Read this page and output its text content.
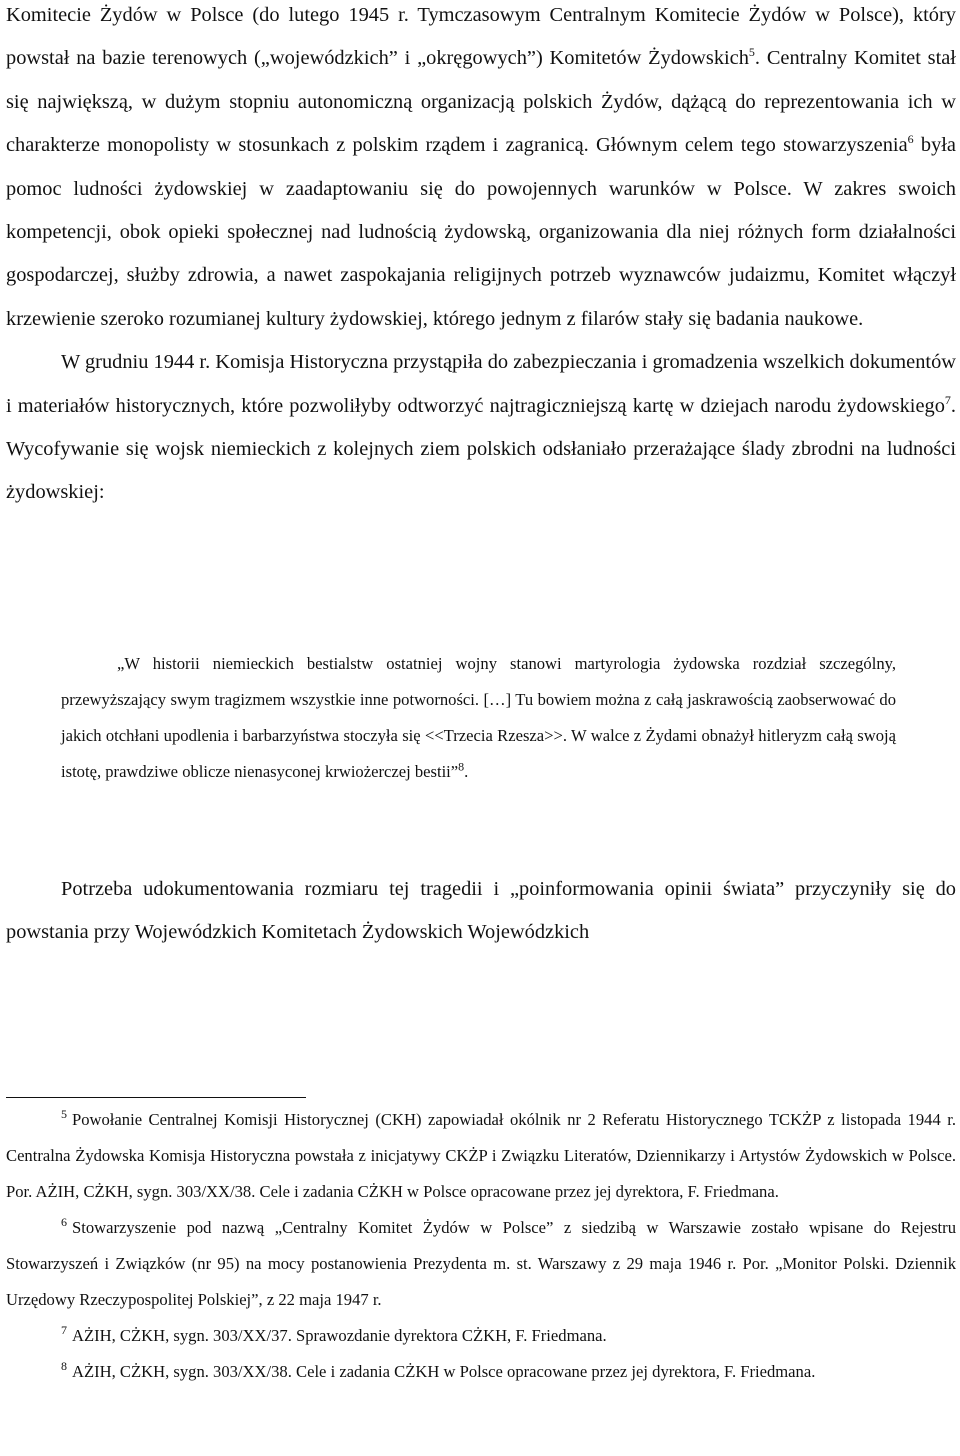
Komitecie Żydów w Polsce (do lutego 1945 r. Tymczasowym Centralnym Komitecie Żydów w Polsce), który powstał na bazie terenowych („wojewódzkich” i „okręgowych”) Komitetów Żydowskich$^5$. Centralny Komitet stał się największą, w dużym stopniu autonomiczną organizacją polskich Żydów, dążącą do reprezentowania ich w charakterze monopolisty w stosunkach z polskim rządem i zagranicą. Głównym celem tego stowarzyszenia$^6$ była pomoc ludności żydowskiej w zaadaptowaniu się do powojennych warunków w Polsce. W zakres swoich kompetencji, obok opieki społecznej nad ludnością żydowską, organizowania dla niej różnych form działalności gospodarczej, służby zdrowia, a nawet zaspokajania religijnych potrzeb wyznawców judaizmu, Komitet włączył krzewienie szeroko rozumianej kultury żydowskiej, którego jednym z filarów stały się badania naukowe.

W grudniu 1944 r. Komisja Historyczna przystąpiła do zabezpieczania i gromadzenia wszelkich dokumentów i materiałów historycznych, które pozwoliłyby odtworzyć najtragiczniejszą kartę w dziejach narodu żydowskiego$^7$. Wycofywanie się wojsk niemieckich z kolejnych ziem polskich odsłaniało przerażające ślady zbrodni na ludności żydowskiej:

„W historii niemieckich bestialstw ostatniej wojny stanowi martyrologia żydowska rozdział szczególny, przewyższający swym tragizmem wszystkie inne potworności. […] Tu bowiem można z całą jaskrawością zaobserwować do jakich otchłani upodlenia i barbarzyństwa stoczyła się <<Trzecia Rzesza>>. W walce z Żydami obnażył hitleryzm całą swoją istotę, prawdziwe oblicze nienasyconej krwiożerczej bestii”$^8$.

Potrzeba udokumentowania rozmiaru tej tragedii i „poinformowania opinii świata” przyczyniły się do powstania przy Wojewódzkich Komitetach Żydowskich Wojewódzkich

$^5$ Powołanie Centralnej Komisji Historycznej (CKH) zapowiadał okólnik nr 2 Referatu Historycznego TCKŻP z listopada 1944 r. Centralna Żydowska Komisja Historyczna powstała z inicjatywy CKŻP i Związku Literatów, Dziennikarzy i Artystów Żydowskich w Polsce. Por. AŻIH, CŻKH, sygn. 303/XX/38. Cele i zadania CŻKH w Polsce opracowane przez jej dyrektora, F. Friedmana.

$^6$ Stowarzyszenie pod nazwą „Centralny Komitet Żydów w Polsce” z siedzibą w Warszawie zostało wpisane do Rejestru Stowarzyszeń i Związków (nr 95) na mocy postanowienia Prezydenta m. st. Warszawy z 29 maja 1946 r. Por. „Monitor Polski. Dziennik Urzędowy Rzeczypospolitej Polskiej”, z 22 maja 1947 r.

$^7$ AŻIH, CŻKH, sygn. 303/XX/37. Sprawozdanie dyrektora CŻKH, F. Friedmana.

$^8$ AŻIH, CŻKH, sygn. 303/XX/38. Cele i zadania CŻKH w Polsce opracowane przez jej dyrektora, F. Friedmana.
